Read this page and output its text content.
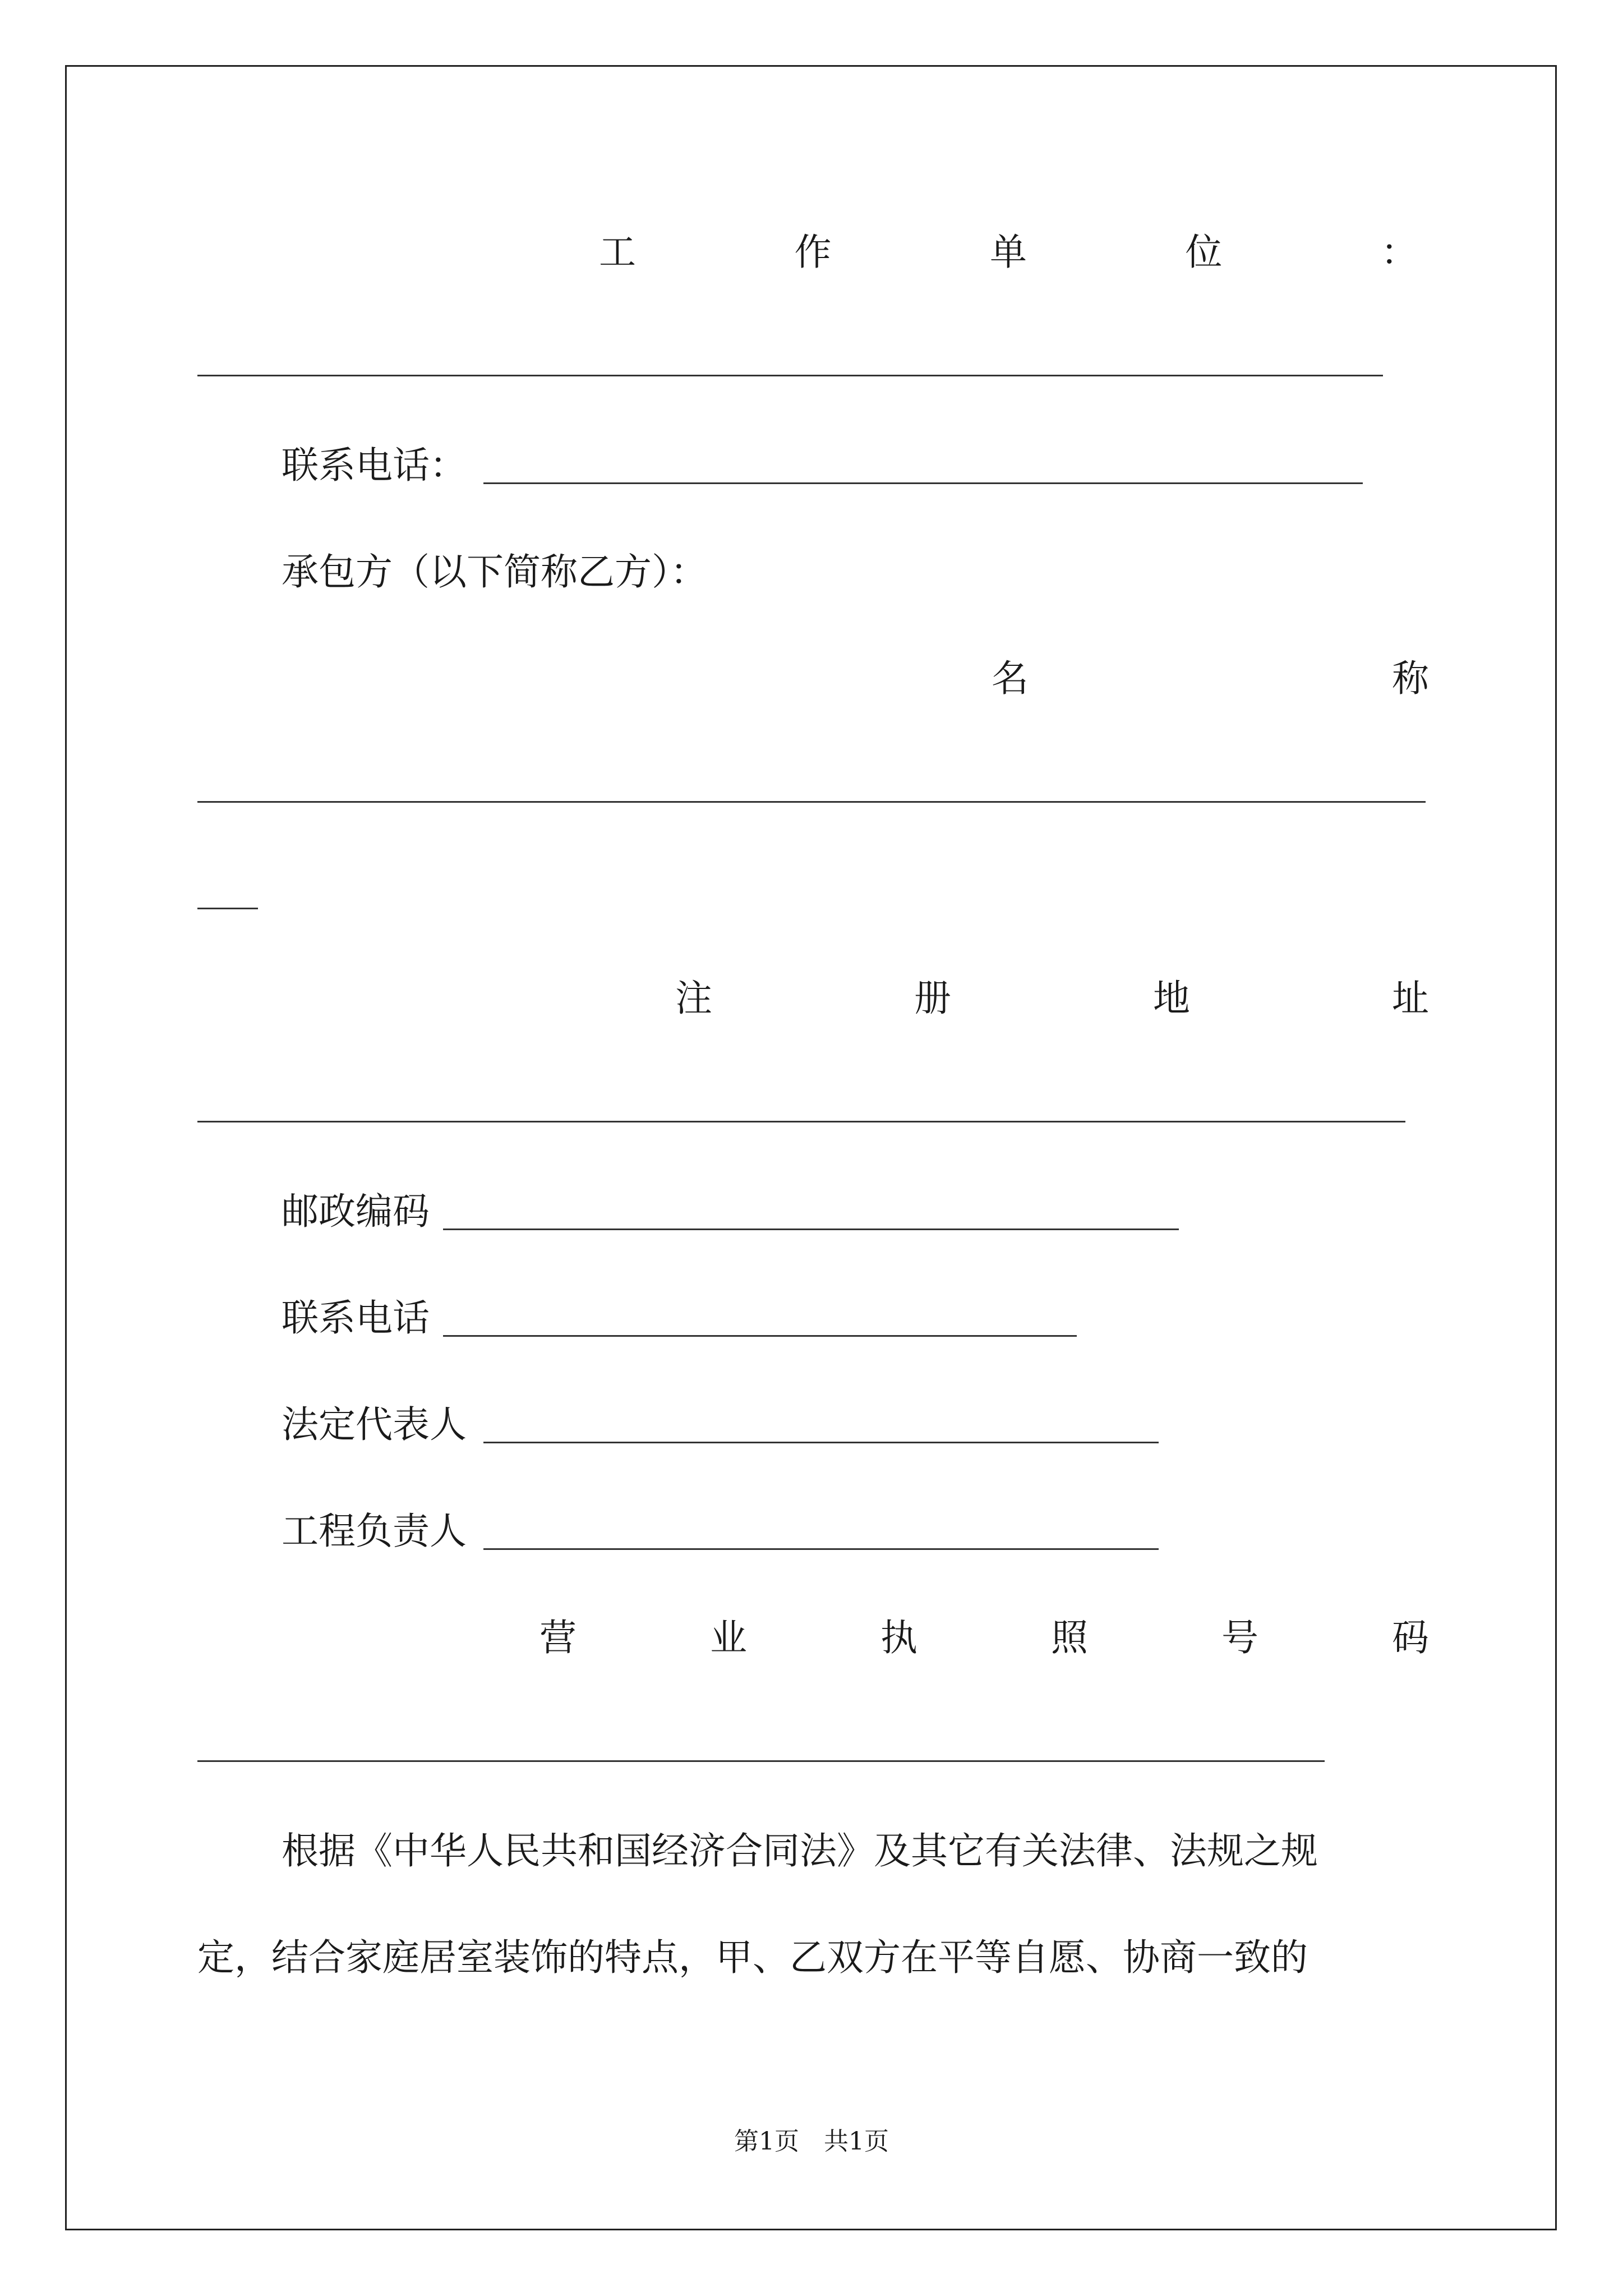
工	作	单	位	：
联系电话：
承包方（以下简称乙方）：
名	称
注	册	地	址
邮政编码
联系电话
法定代表人
工程负责人
营	业	执	照	号	码
根据《中华人民共和国经济合同法》及其它有关法律、法规之规
定，结合家庭居室装饰的特点，甲、乙双方在平等自愿、协商一致的
第1页　共1页
